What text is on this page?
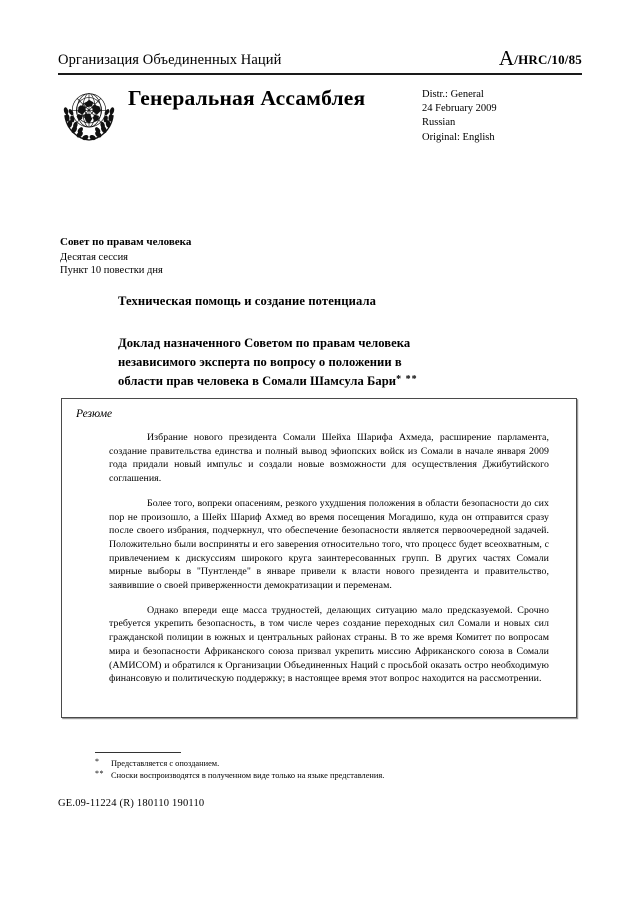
Организация Объединенных Наций	A/HRC/10/85
Генеральная Ассамблея	Distr.: General
24 February 2009
Russian
Original: English
Совет по правам человека
Десятая сессия
Пункт 10 повестки дня
Техническая помощь и создание потенциала
Доклад назначенного Советом по правам человека
независимого эксперта по вопросу о положении в
области прав человека в Сомали Шамсула Бари* **
Резюме

Избрание нового президента Сомали Шейха Шарифа Ахмеда, расширение парламента, создание правительства единства и полный вывод эфиопских войск из Сомали в начале января 2009 года придали новый импульс и создали новые возможности для осуществления Джибутийского соглашения.

Более того, вопреки опасениям, резкого ухудшения положения в области безопасности до сих пор не произошло, а Шейх Шариф Ахмед во время посещения Могадишо, куда он отправится сразу после своего избрания, подчеркнул, что обеспечение безопасности является первоочередной задачей. Положительно были восприняты и его заверения относительно того, что процесс будет всеохватным, с привлечением к дискуссиям широкого круга заинтересованных групп. В других частях Сомали мирные выборы в "Пунтленде" в январе привели к власти нового президента и правительство, заявившие о своей приверженности демократизации и переменам.

Однако впереди еще масса трудностей, делающих ситуацию мало предсказуемой. Срочно требуется укрепить безопасность, в том числе через создание переходных сил Сомали и новых сил гражданской полиции в южных и центральных районах страны. В то же время Комитет по вопросам мира и безопасности Африканского союза призвал укрепить миссию Африканского союза в Сомали (АМИСОМ) и обратился к Организации Объединенных Наций с просьбой оказать остро необходимую финансовую и политическую поддержку; в настоящее время этот вопрос находится на рассмотрении.

*	Представляется с опозданием.
** Сноски воспроизводятся в полученном виде только на языке представления.
GE.09-11224 (R) 180110 190110
